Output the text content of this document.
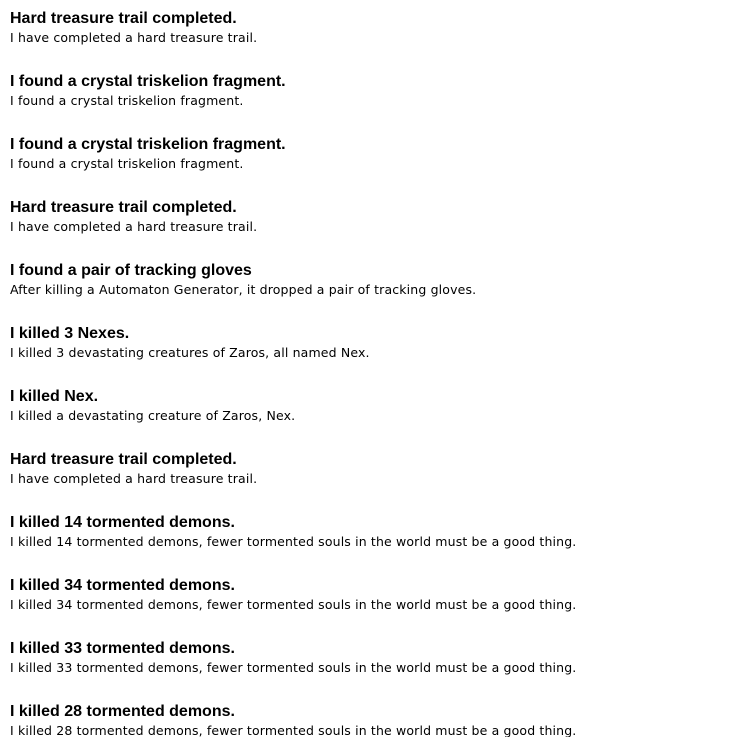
Hard treasure trail completed.
I have completed a hard treasure trail.
I found a crystal triskelion fragment.
I found a crystal triskelion fragment.
I found a crystal triskelion fragment.
I found a crystal triskelion fragment.
Hard treasure trail completed.
I have completed a hard treasure trail.
I found a pair of tracking gloves
After killing a Automaton Generator, it dropped a pair of tracking gloves.
I killed 3 Nexes.
I killed 3 devastating creatures of Zaros, all named Nex.
I killed Nex.
I killed a devastating creature of Zaros, Nex.
Hard treasure trail completed.
I have completed a hard treasure trail.
I killed 14 tormented demons.
I killed 14 tormented demons, fewer tormented souls in the world must be a good thing.
I killed 34 tormented demons.
I killed 34 tormented demons, fewer tormented souls in the world must be a good thing.
I killed 33 tormented demons.
I killed 33 tormented demons, fewer tormented souls in the world must be a good thing.
I killed 28 tormented demons.
I killed 28 tormented demons, fewer tormented souls in the world must be a good thing.
